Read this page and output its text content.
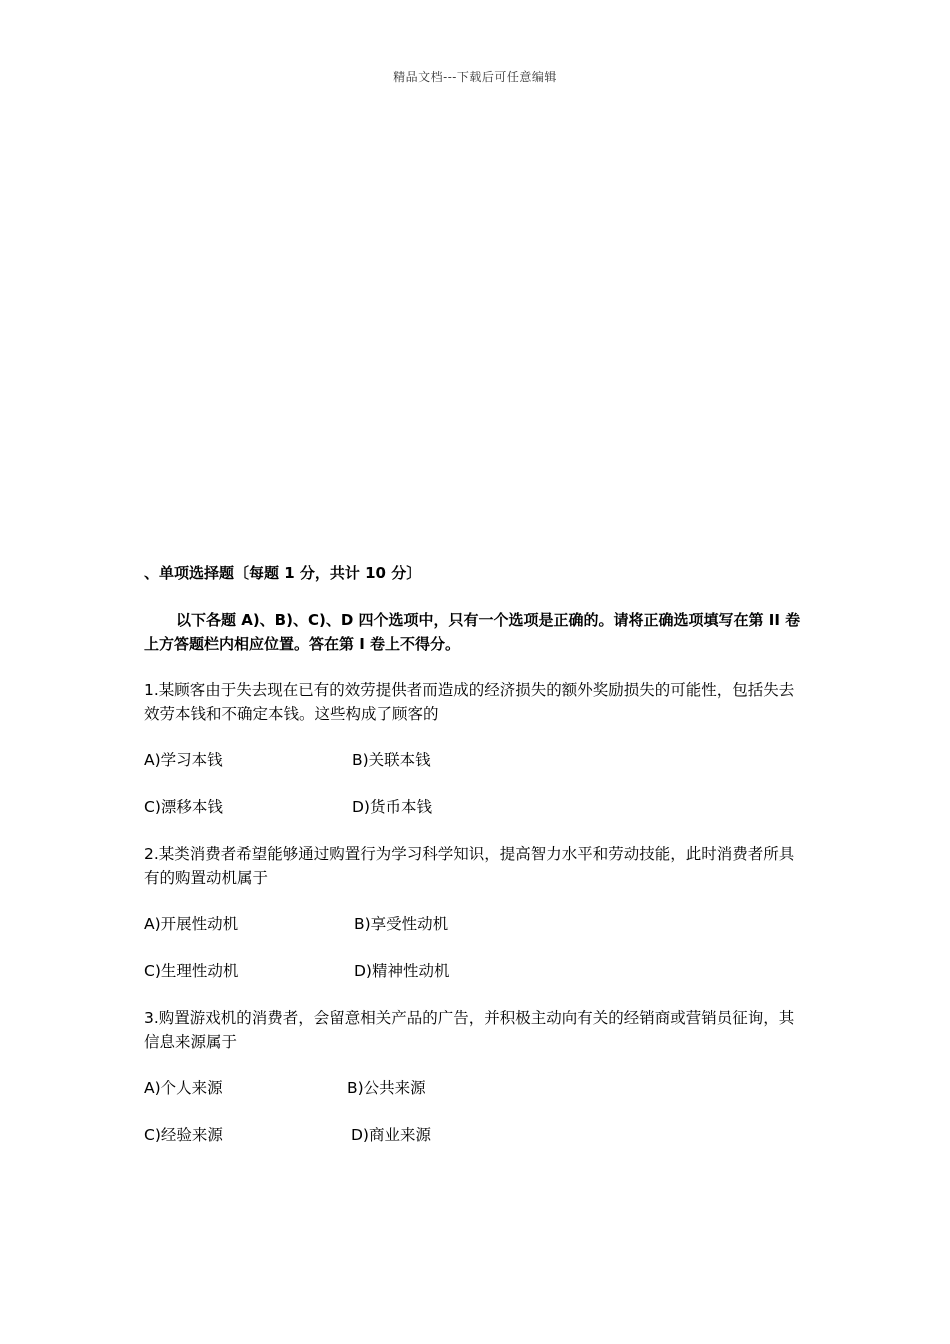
精品文档---下载后可任意编辑
、单项选择题〔每题 1 分，共计 10 分〕
以下各题 A)、B)、C)、D 四个选项中，只有一个选项是正确的。请将正确选项填写在第 II 卷上方答题栏内相应位置。答在第 I 卷上不得分。
1.某顾客由于失去现在已有的效劳提供者而造成的经济损失的额外奖励损失的可能性，包括失去效劳本钱和不确定本钱。这些构成了顾客的
A)学习本钱	B)关联本钱
C)漂移本钱	D)货币本钱
2.某类消费者希望能够通过购置行为学习科学知识，提高智力水平和劳动技能，此时消费者所具有的购置动机属于
A)开展性动机	B)享受性动机
C)生理性动机	D)精神性动机
3.购置游戏机的消费者，会留意相关产品的广告，并积极主动向有关的经销商或营销员征询，其信息来源属于
A)个人来源	B)公共来源
C)经验来源	D)商业来源
